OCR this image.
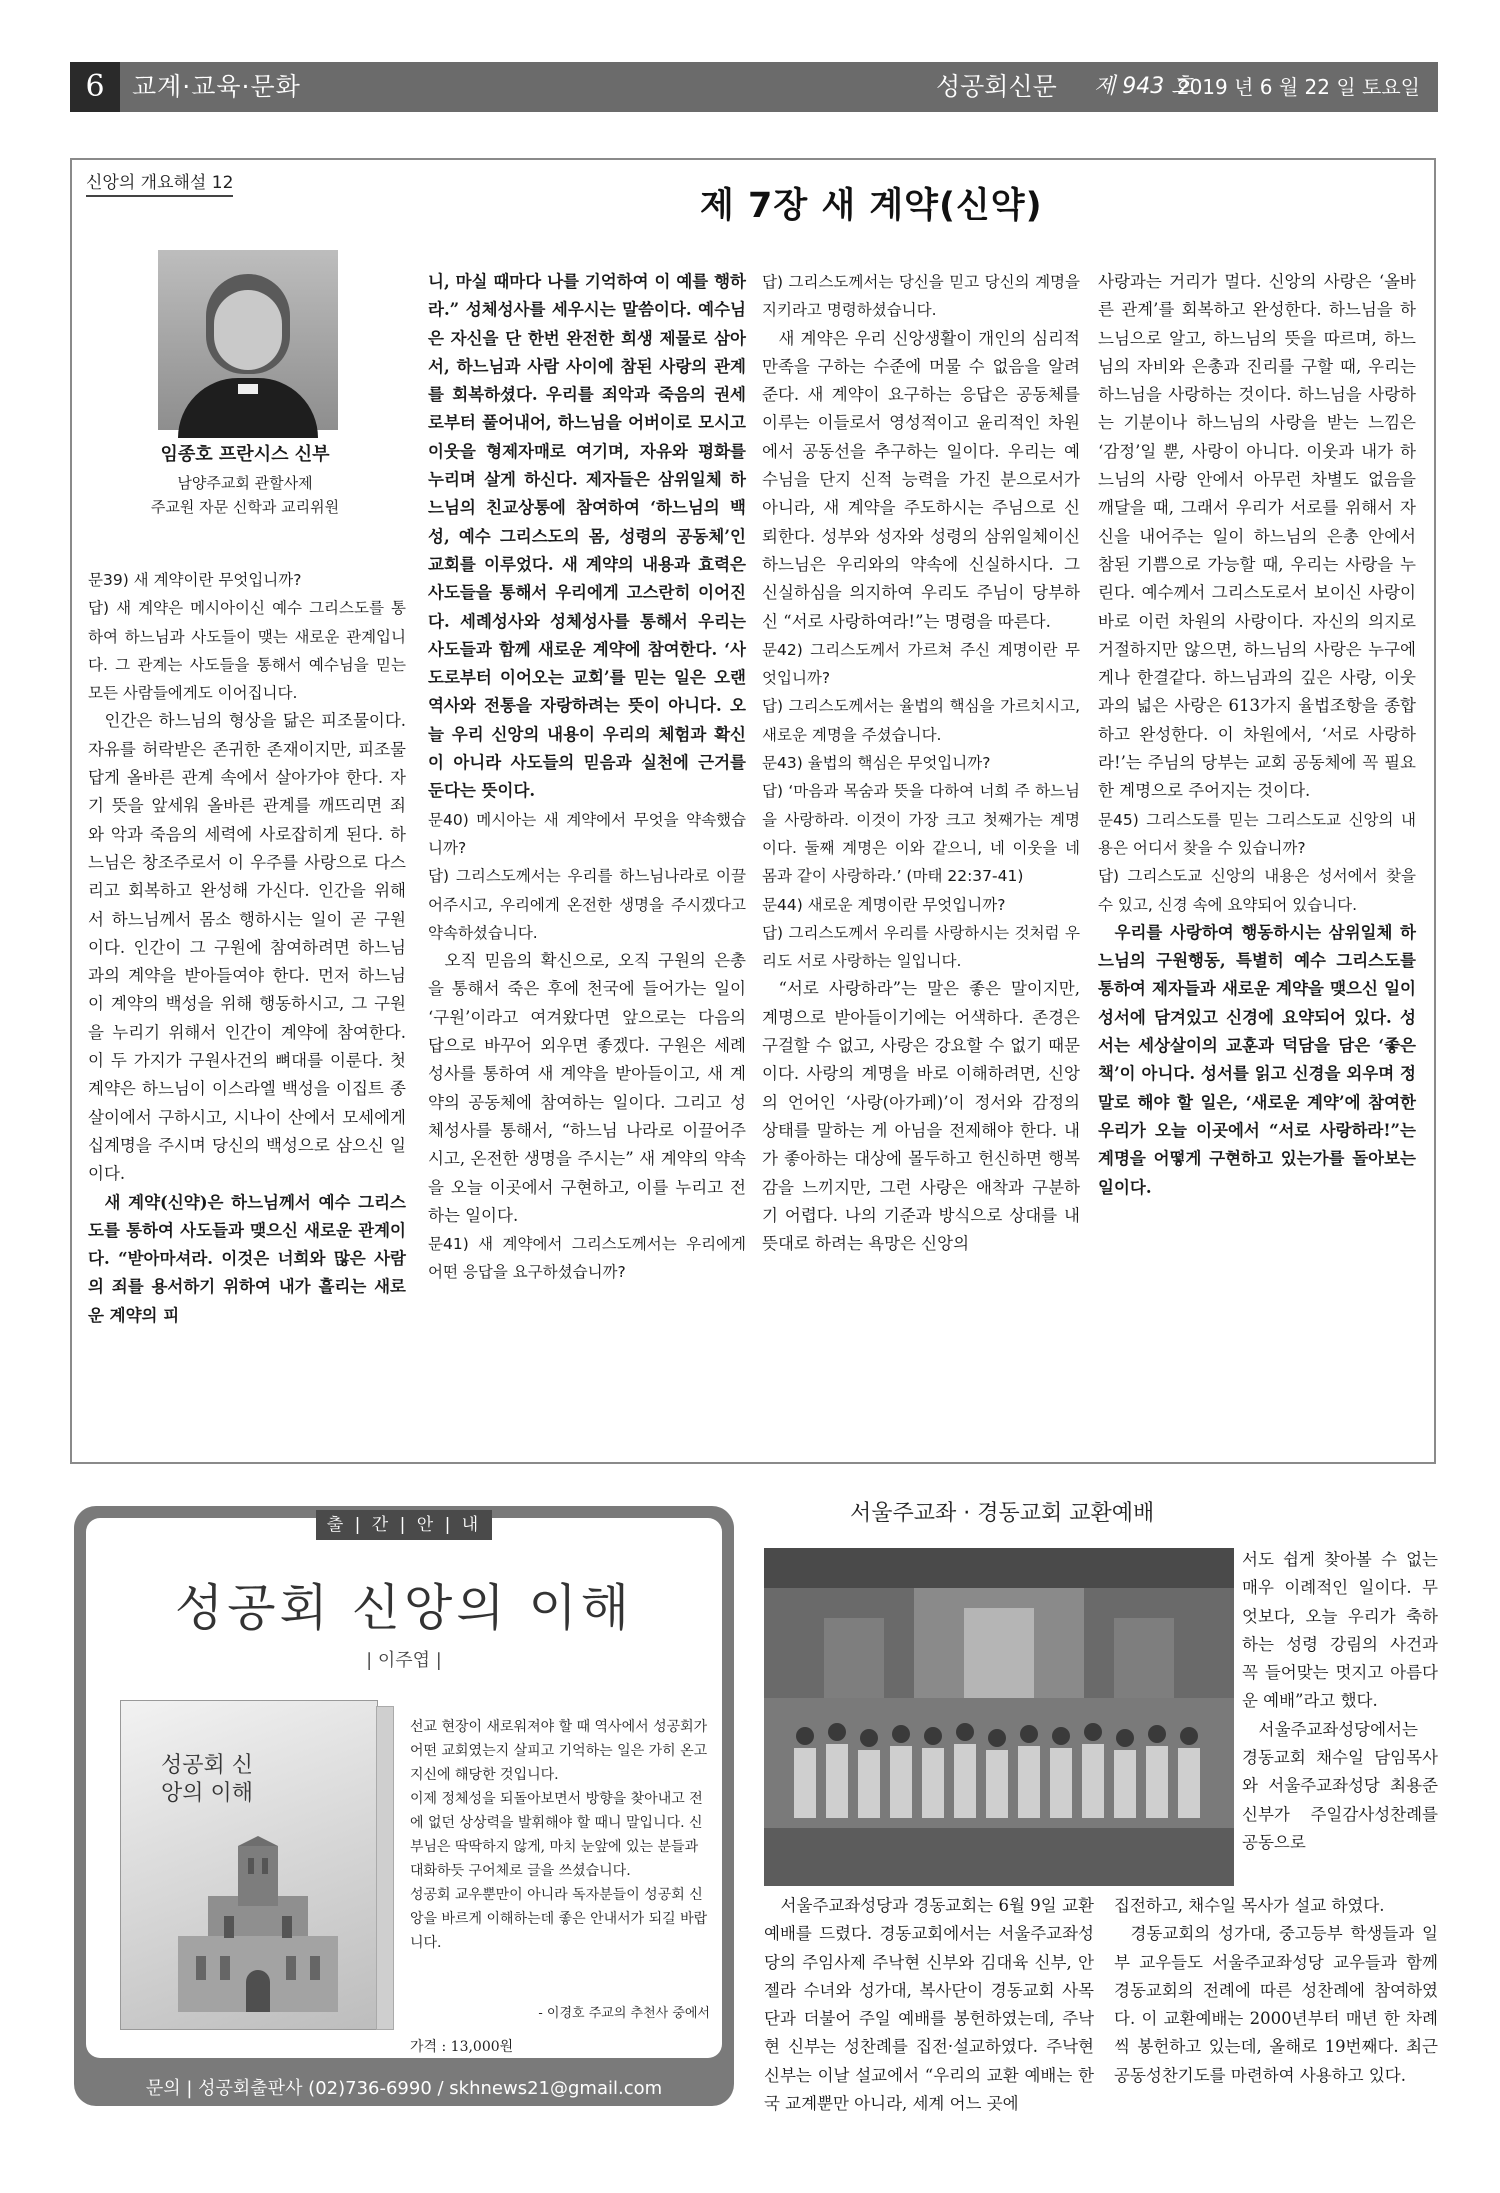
6	교계·교육·문화	성공회신문 제 943 호
2019 년 6 월 22 일 토요일
신앙의 개요해설 12
제 7장 새 계약(신약)
임종호 프란시스 신부
남양주교회 관할사제
주교원 자문 신학과 교리위원

문39) 새 계약이란 무엇입니까?

답) 새 계약은 메시아이신 예수 그리스도를 통하여 하느님과 사도들이 맺는 새로운 관계입니다. 그 관계는 사도들을 통해서 예수님을 믿는 모든 사람들에게도 이어집니다.

인간은 하느님의 형상을 닮은 피조물이다. 자유를 허락받은 존귀한 존재이지만, 피조물답게 올바른 관계 속에서 살아가야 한다. 자기 뜻을 앞세워 올바른 관계를 깨뜨리면 죄와 악과 죽음의 세력에 사로잡히게 된다. 하느님은 창조주로서 이 우주를 사랑으로 다스리고 회복하고 완성해 가신다. 인간을 위해서 하느님께서 몸소 행하시는 일이 곧 구원이다. 인간이 그 구원에 참여하려면 하느님과의 계약을 받아들여야 한다. 먼저 하느님이 계약의 백성을 위해 행동하시고, 그 구원을 누리기 위해서 인간이 계약에 참여한다. 이 두 가지가 구원사건의 뼈대를 이룬다. 첫 계약은 하느님이 이스라엘 백성을 이집트 종살이에서 구하시고, 시나이 산에서 모세에게 십계명을 주시며 당신의 백성으로 삼으신 일이다.

새 계약(신약)은 하느님께서 예수 그리스도를 통하여 사도들과 맺으신 새로운 관계이다. “받아마셔라. 이것은 너희와 많은 사람의 죄를 용서하기 위하여 내가 흘리는 새로운 계약의 피

니, 마실 때마다 나를 기억하여 이 예를 행하라.” 성체성사를 세우시는 말씀이다. 예수님은 자신을 단 한번 완전한 희생 제물로 삼아서, 하느님과 사람 사이에 참된 사랑의 관계를 회복하셨다. 우리를 죄악과 죽음의 권세로부터 풀어내어, 하느님을 어버이로 모시고 이웃을 형제자매로 여기며, 자유와 평화를 누리며 살게 하신다. 제자들은 삼위일체 하느님의 친교상통에 참여하여 ‘하느님의 백성, 예수 그리스도의 몸, 성령의 공동체’인 교회를 이루었다. 새 계약의 내용과 효력은 사도들을 통해서 우리에게 고스란히 이어진다. 세례성사와 성체성사를 통해서 우리는 사도들과 함께 새로운 계약에 참여한다. ‘사도로부터 이어오는 교회’를 믿는 일은 오랜 역사와 전통을 자랑하려는 뜻이 아니다. 오늘 우리 신앙의 내용이 우리의 체험과 확신이 아니라 사도들의 믿음과 실천에 근거를 둔다는 뜻이다.

문40) 메시아는 새 계약에서 무엇을 약속했습니까?

답) 그리스도께서는 우리를 하느님나라로 이끌어주시고, 우리에게 온전한 생명을 주시겠다고 약속하셨습니다.

오직 믿음의 확신으로, 오직 구원의 은총을 통해서 죽은 후에 천국에 들어가는 일이 ‘구원’이라고 여겨왔다면 앞으로는 다음의 답으로 바꾸어 외우면 좋겠다. 구원은 세례성사를 통하여 새 계약을 받아들이고, 새 계약의 공동체에 참여하는 일이다. 그리고 성체성사를 통해서, “하느님 나라로 이끌어주시고, 온전한 생명을 주시는” 새 계약의 약속을 오늘 이곳에서 구현하고, 이를 누리고 전하는 일이다.

문41) 새 계약에서 그리스도께서는 우리에게 어떤 응답을 요구하셨습니까?

답) 그리스도께서는 당신을 믿고 당신의 계명을 지키라고 명령하셨습니다.

새 계약은 우리 신앙생활이 개인의 심리적 만족을 구하는 수준에 머물 수 없음을 알려준다. 새 계약이 요구하는 응답은 공동체를 이루는 이들로서 영성적이고 윤리적인 차원에서 공동선을 추구하는 일이다. 우리는 예수님을 단지 신적 능력을 가진 분으로서가 아니라, 새 계약을 주도하시는 주님으로 신뢰한다. 성부와 성자와 성령의 삼위일체이신 하느님은 우리와의 약속에 신실하시다. 그 신실하심을 의지하여 우리도 주님이 당부하신 “서로 사랑하여라!”는 명령을 따른다.

문42) 그리스도께서 가르쳐 주신 계명이란 무엇입니까?

답) 그리스도께서는 율법의 핵심을 가르치시고, 새로운 계명을 주셨습니다.

문43) 율법의 핵심은 무엇입니까?

답) ‘마음과 목숨과 뜻을 다하여 너희 주 하느님을 사랑하라. 이것이 가장 크고 첫째가는 계명이다. 둘째 계명은 이와 같으니, 네 이웃을 네 몸과 같이 사랑하라.’ (마태 22:37-41)

문44) 새로운 계명이란 무엇입니까?

답) 그리스도께서 우리를 사랑하시는 것처럼 우리도 서로 사랑하는 일입니다.

“서로 사랑하라”는 말은 좋은 말이지만, 계명으로 받아들이기에는 어색하다. 존경은 구걸할 수 없고, 사랑은 강요할 수 없기 때문이다. 사랑의 계명을 바로 이해하려면, 신앙의 언어인 ‘사랑(아가페)’이 정서와 감정의 상태를 말하는 게 아님을 전제해야 한다. 내가 좋아하는 대상에 몰두하고 헌신하면 행복감을 느끼지만, 그런 사랑은 애착과 구분하기 어렵다. 나의 기준과 방식으로 상대를 내 뜻대로 하려는 욕망은 신앙의

사랑과는 거리가 멀다. 신앙의 사랑은 ‘올바른 관계’를 회복하고 완성한다. 하느님을 하느님으로 알고, 하느님의 뜻을 따르며, 하느님의 자비와 은총과 진리를 구할 때, 우리는 하느님을 사랑하는 것이다. 하느님을 사랑하는 기분이나 하느님의 사랑을 받는 느낌은 ‘감정’일 뿐, 사랑이 아니다. 이웃과 내가 하느님의 사랑 안에서 아무런 차별도 없음을 깨달을 때, 그래서 우리가 서로를 위해서 자신을 내어주는 일이 하느님의 은총 안에서 참된 기쁨으로 가능할 때, 우리는 사랑을 누린다. 예수께서 그리스도로서 보이신 사랑이 바로 이런 차원의 사랑이다. 자신의 의지로 거절하지만 않으면, 하느님의 사랑은 누구에게나 한결같다. 하느님과의 깊은 사랑, 이웃과의 넓은 사랑은 613가지 율법조항을 종합하고 완성한다. 이 차원에서, ‘서로 사랑하라!’는 주님의 당부는 교회 공동체에 꼭 필요한 계명으로 주어지는 것이다.

문45) 그리스도를 믿는 그리스도교 신앙의 내용은 어디서 찾을 수 있습니까?

답) 그리스도교 신앙의 내용은 성서에서 찾을 수 있고, 신경 속에 요약되어 있습니다.

우리를 사랑하여 행동하시는 삼위일체 하느님의 구원행동, 특별히 예수 그리스도를 통하여 제자들과 새로운 계약을 맺으신 일이 성서에 담겨있고 신경에 요약되어 있다. 성서는 세상살이의 교훈과 덕담을 담은 ‘좋은 책’이 아니다. 성서를 읽고 신경을 외우며 정말로 해야 할 일은, ‘새로운 계약’에 참여한 우리가 오늘 이곳에서 “서로 사랑하라!”는 계명을 어떻게 구현하고 있는가를 돌아보는 일이다.

출 | 간 | 안 | 내
성공회 신앙의 이해
| 이주엽 |
성공회 신앙의 이해

선교 현장이 새로워져야 할 때 역사에서 성공회가 어떤 교회였는지 살피고 기억하는 일은 가히 온고지신에 해당한 것입니다.

이제 정체성을 되돌아보면서 방향을 찾아내고 전에 없던 상상력을 발휘해야 할 때니 말입니다. 신부님은 딱딱하지 않게, 마치 눈앞에 있는 분들과 대화하듯 구어체로 글을 쓰셨습니다.

성공회 교우뿐만이 아니라 독자분들이 성공회 신앙을 바르게 이해하는데 좋은 안내서가 되길 바랍니다.

- 이경호 주교의 추천사 중에서
가격 : 13,000원
문의 | 성공회출판사 (02)736-6990 / skhnews21@gmail.com
서울주교좌 · 경동교회 교환예배

서도 쉽게 찾아볼 수 없는 매우 이례적인 일이다. 무엇보다, 오늘 우리가 축하하는 성령 강림의 사건과 꼭 들어맞는 멋지고 아름다운 예배”라고 했다.

서울주교좌성당에서는 경동교회 채수일 담임목사와 서울주교좌성당 최용준 신부가 주일감사성찬례를 공동으로

서울주교좌성당과 경동교회는 6월 9일 교환 예배를 드렸다. 경동교회에서는 서울주교좌성당의 주임사제 주낙현 신부와 김대육 신부, 안젤라 수녀와 성가대, 복사단이 경동교회 사목단과 더불어 주일 예배를 봉헌하였는데, 주낙현 신부는 성찬례를 집전·설교하였다. 주낙현 신부는 이날 설교에서 “우리의 교환 예배는 한국 교계뿐만 아니라, 세계 어느 곳에

집전하고, 채수일 목사가 설교 하였다.

경동교회의 성가대, 중고등부 학생들과 일부 교우들도 서울주교좌성당 교우들과 함께 경동교회의 전례에 따른 성찬례에 참여하였다. 이 교환예배는 2000년부터 매년 한 차례씩 봉헌하고 있는데, 올해로 19번째다. 최근 공동성찬기도를 마련하여 사용하고 있다.
